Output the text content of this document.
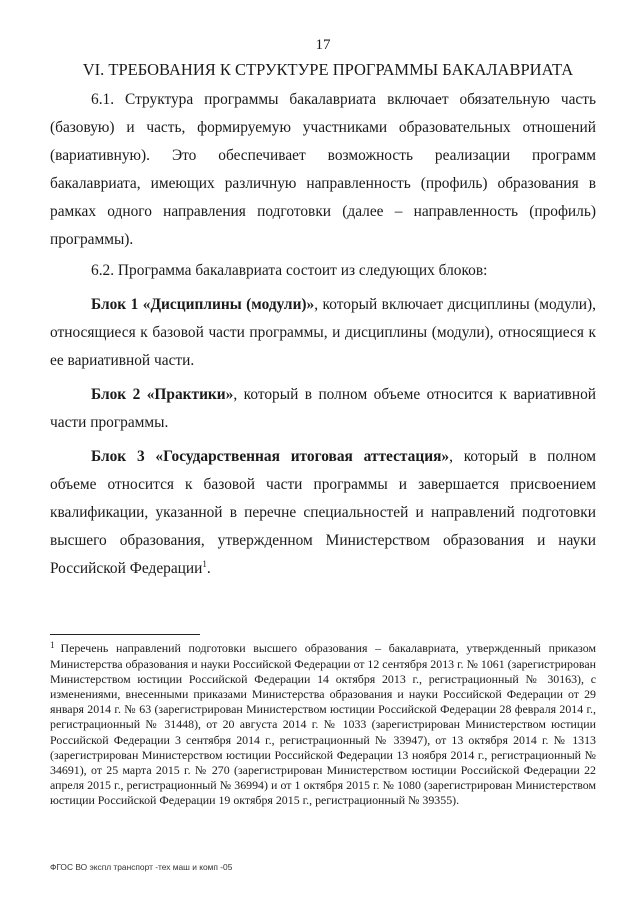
17
VI. ТРЕБОВАНИЯ К СТРУКТУРЕ ПРОГРАММЫ БАКАЛАВРИАТА

6.1. Структура программы бакалавриата включает обязательную часть (базовую) и часть, формируемую участниками образовательных отношений (вариативную). Это обеспечивает возможность реализации программ бакалавриата, имеющих различную направленность (профиль) образования в рамках одного направления подготовки (далее – направленность (профиль) программы).

6.2. Программа бакалавриата состоит из следующих блоков:

Блок 1 «Дисциплины (модули)», который включает дисциплины (модули), относящиеся к базовой части программы, и дисциплины (модули), относящиеся к ее вариативной части.

Блок 2 «Практики», который в полном объеме относится к вариативной части программы.

Блок 3 «Государственная итоговая аттестация», который в полном объеме относится к базовой части программы и завершается присвоением квалификации, указанной в перечне специальностей и направлений подготовки высшего образования, утвержденном Министерством образования и науки Российской Федерации$^1$.

$^1$ Перечень направлений подготовки высшего образования – бакалавриата, утвержденный приказом Министерства образования и науки Российской Федерации от 12 сентября 2013 г. № 1061 (зарегистрирован Министерством юстиции Российской Федерации 14 октября 2013 г., регистрационный № 30163), с изменениями, внесенными приказами Министерства образования и науки Российской Федерации от 29 января 2014 г. № 63 (зарегистрирован Министерством юстиции Российской Федерации 28 февраля 2014 г., регистрационный № 31448), от 20 августа 2014 г. № 1033 (зарегистрирован Министерством юстиции Российской Федерации 3 сентября 2014 г., регистрационный № 33947), от 13 октября 2014 г. № 1313 (зарегистрирован Министерством юстиции Российской Федерации 13 ноября 2014 г., регистрационный № 34691), от 25 марта 2015 г. № 270 (зарегистрирован Министерством юстиции Российской Федерации 22 апреля 2015 г., регистрационный № 36994) и от 1 октября 2015 г. № 1080 (зарегистрирован Министерством юстиции Российской Федерации 19 октября 2015 г., регистрационный № 39355).
ФГОС ВО экспл транспорт -тех маш и комп -05
